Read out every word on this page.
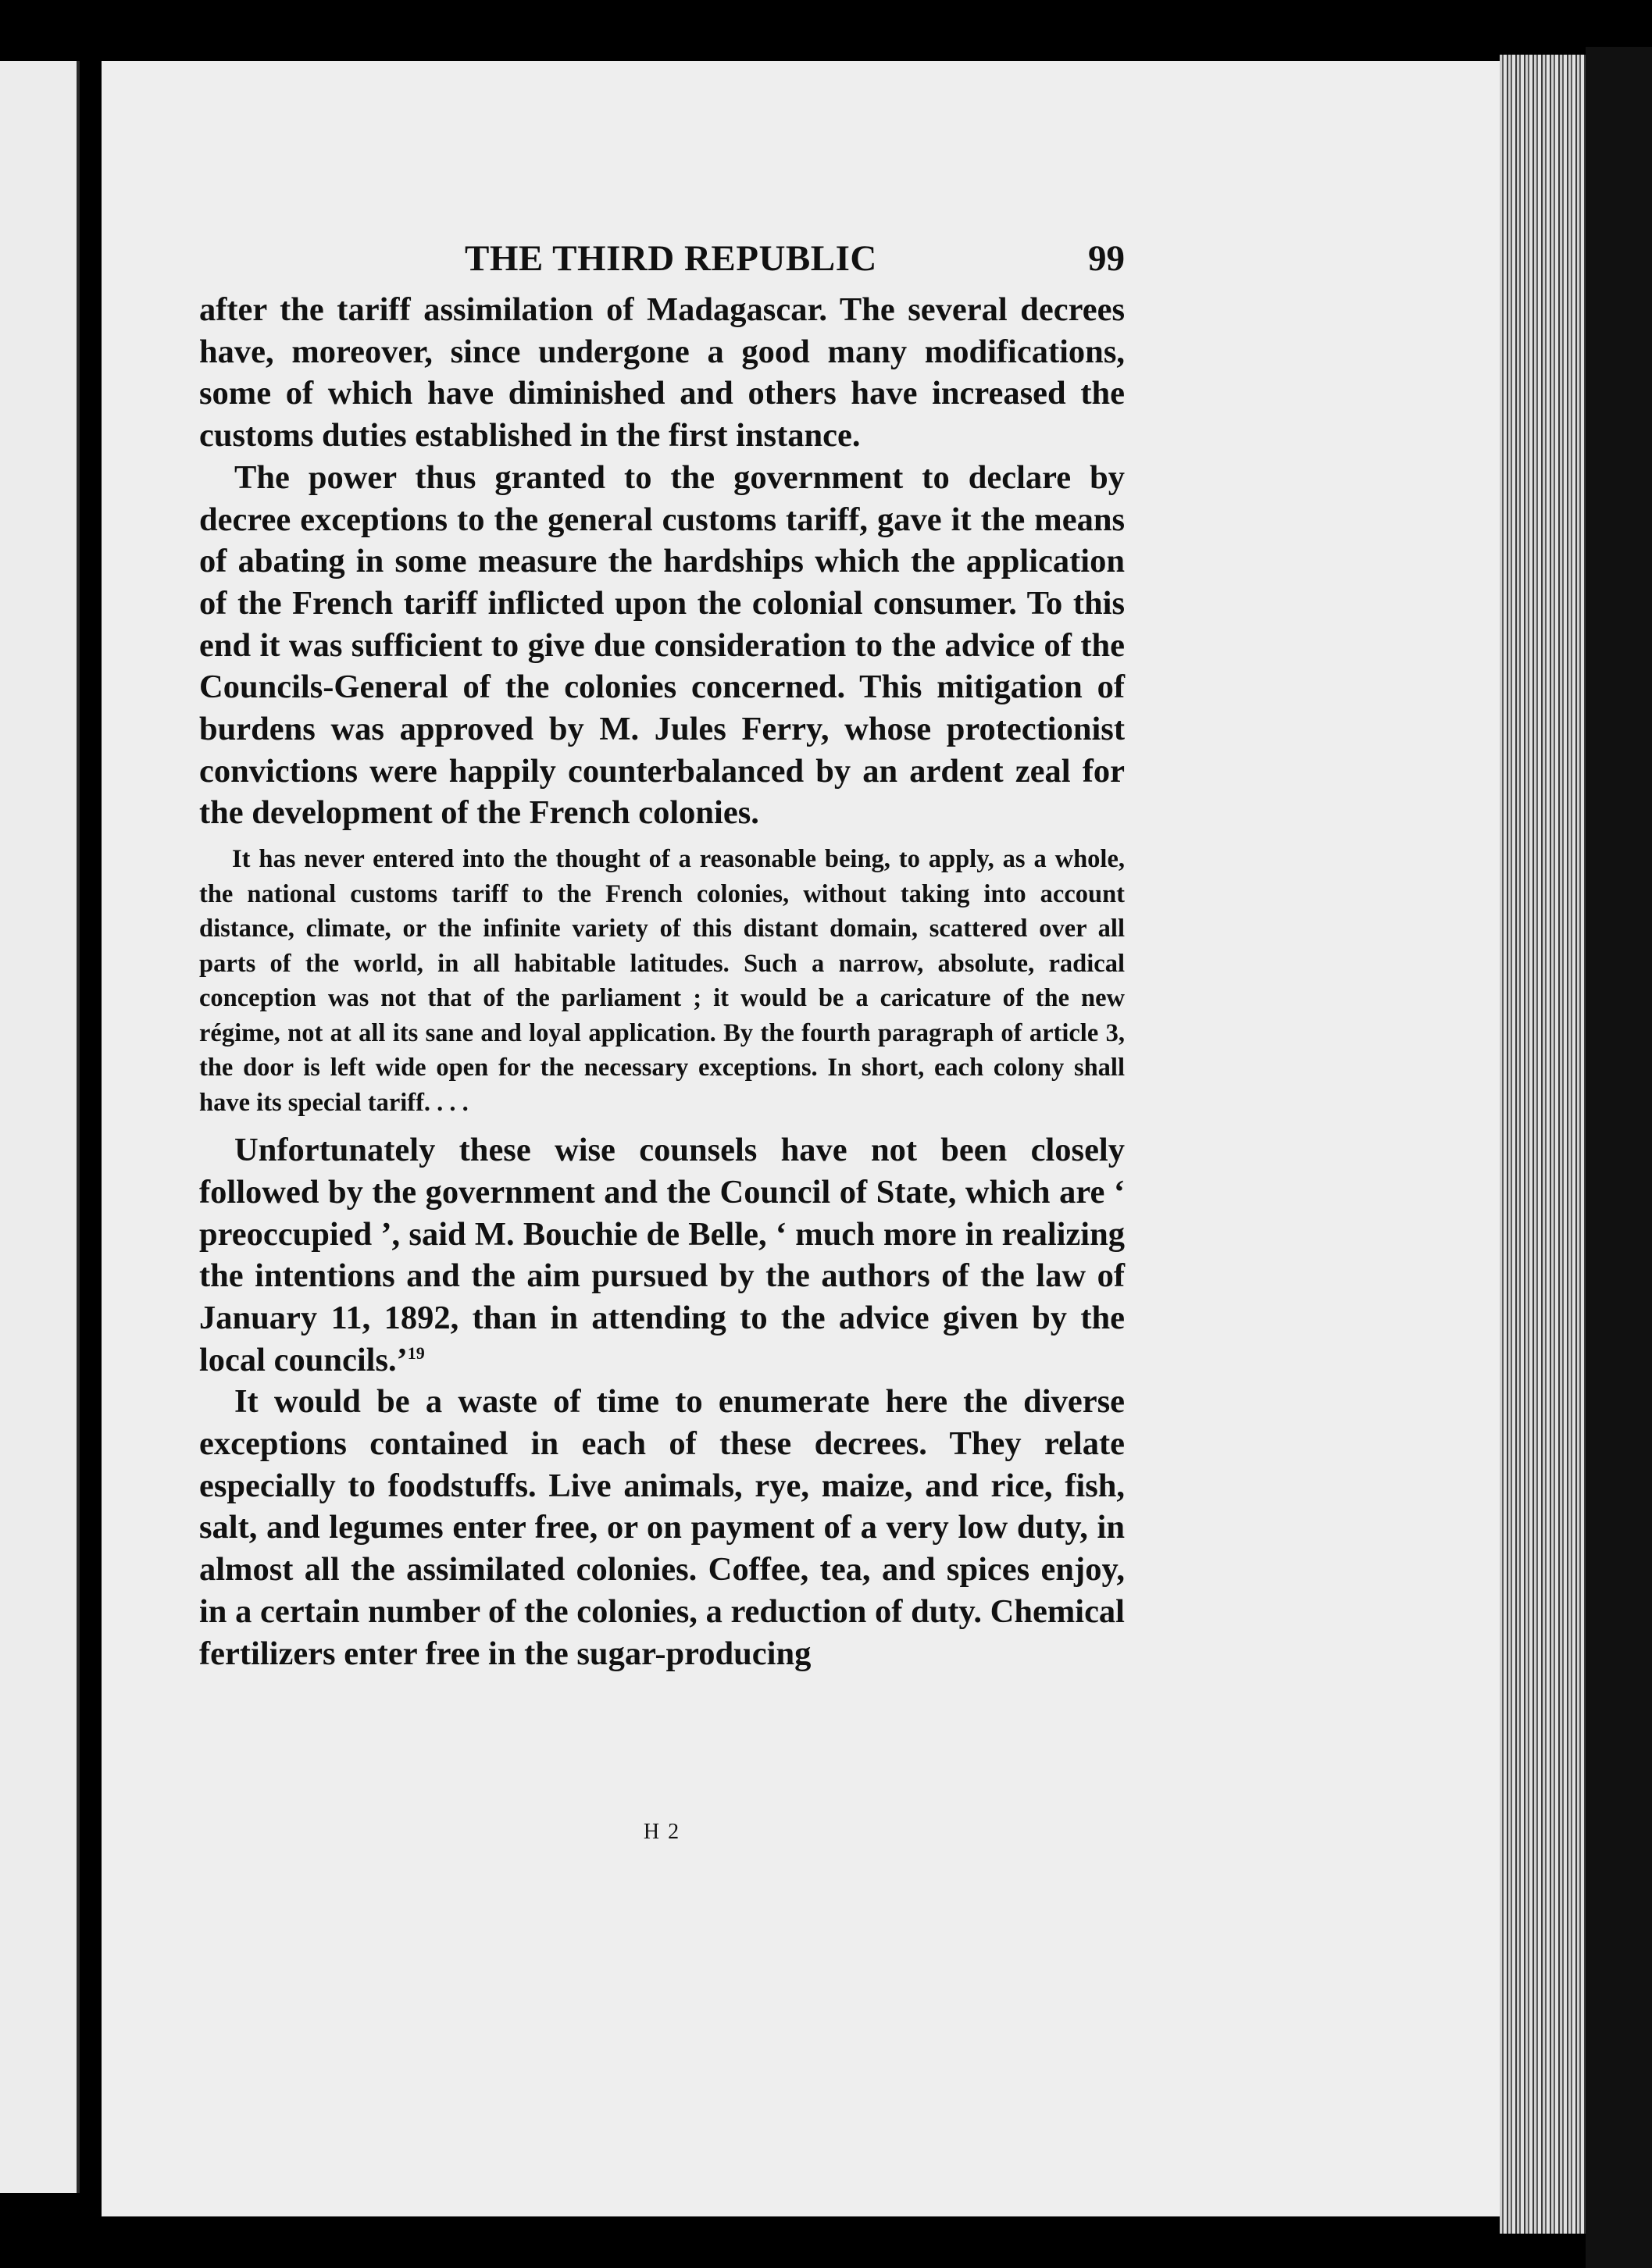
THE THIRD REPUBLIC	99

after the tariff assimilation of Madagascar. The several decrees have, moreover, since undergone a good many modifications, some of which have diminished and others have increased the customs duties established in the first instance.

The power thus granted to the government to declare by decree exceptions to the general customs tariff, gave it the means of abating in some measure the hardships which the application of the French tariff inflicted upon the colonial consumer. To this end it was sufficient to give due consideration to the advice of the Councils-General of the colonies concerned. This mitigation of burdens was approved by M. Jules Ferry, whose protectionist convictions were happily counterbalanced by an ardent zeal for the development of the French colonies.

It has never entered into the thought of a reasonable being, to apply, as a whole, the national customs tariff to the French colonies, without taking into account distance, climate, or the infinite variety of this distant domain, scattered over all parts of the world, in all habitable latitudes. Such a narrow, absolute, radical conception was not that of the parliament ; it would be a caricature of the new régime, not at all its sane and loyal application. By the fourth paragraph of article 3, the door is left wide open for the necessary exceptions. In short, each colony shall have its special tariff. . . .

Unfortunately these wise counsels have not been closely followed by the government and the Council of State, which are ‘ preoccupied ’, said M. Bouchie de Belle, ‘ much more in realizing the intentions and the aim pursued by the authors of the law of January 11, 1892, than in attending to the advice given by the local councils.’$^{19}$

It would be a waste of time to enumerate here the diverse exceptions contained in each of these decrees. They relate especially to foodstuffs. Live animals, rye, maize, and rice, fish, salt, and legumes enter free, or on payment of a very low duty, in almost all the assimilated colonies. Coffee, tea, and spices enjoy, in a certain number of the colonies, a reduction of duty. Chemical fertilizers enter free in the sugar-producing

H 2
